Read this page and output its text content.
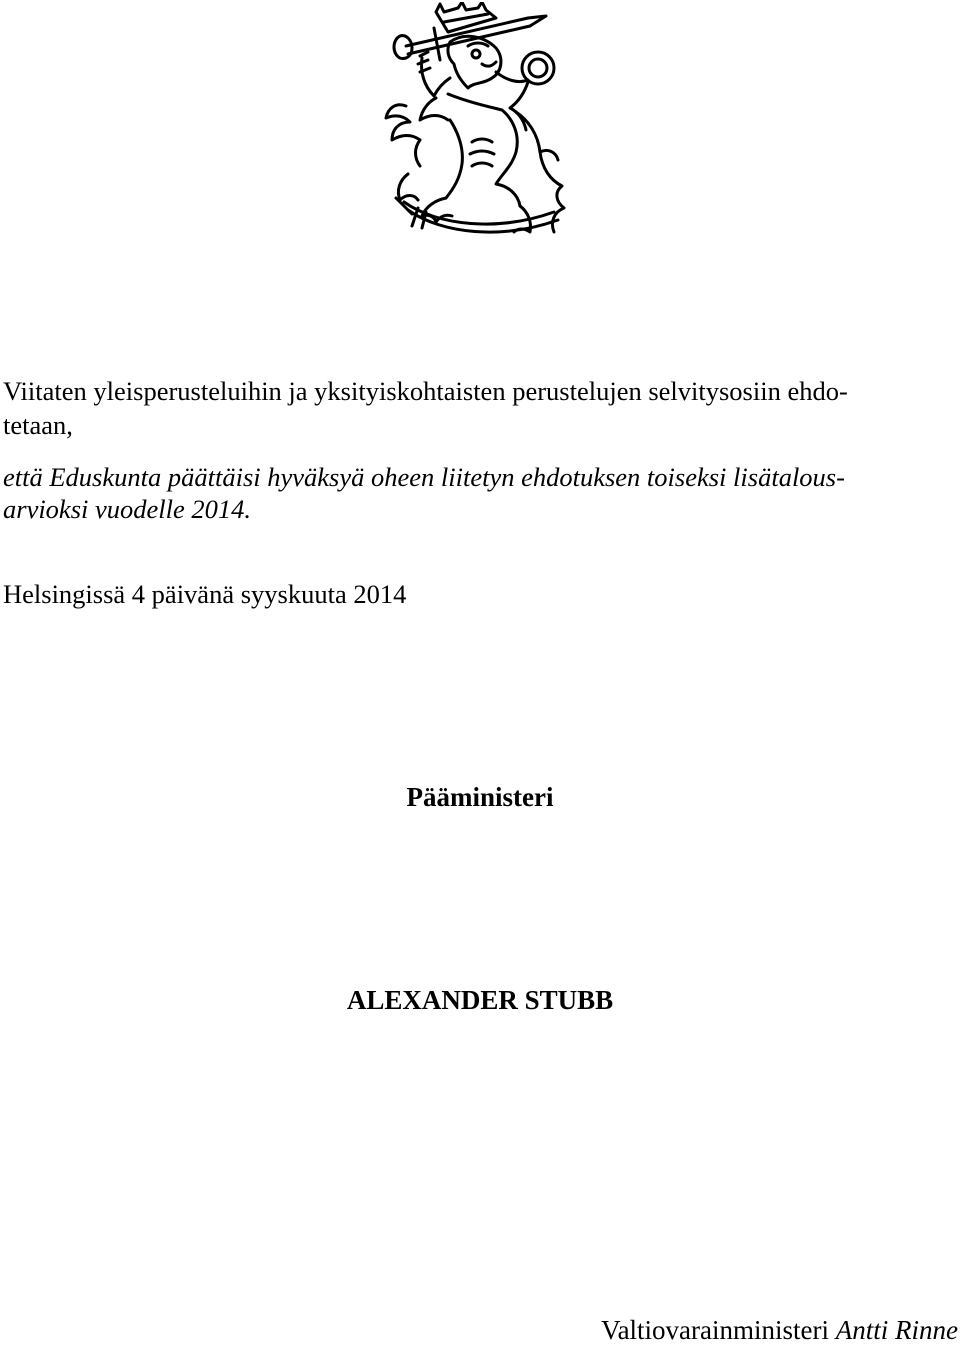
Viitaten yleisperusteluihin ja yksityiskohtaisten perustelujen selvitysosiin ehdo-

tetaan,

että Eduskunta päättäisi hyväksyä oheen liitetyn ehdotuksen toiseksi lisätalous-

arvioksi vuodelle 2014.

Helsingissä 4 päivänä syyskuuta 2014

Pääministeri

ALEXANDER STUBB

Valtiovarainministeri Antti Rinne
